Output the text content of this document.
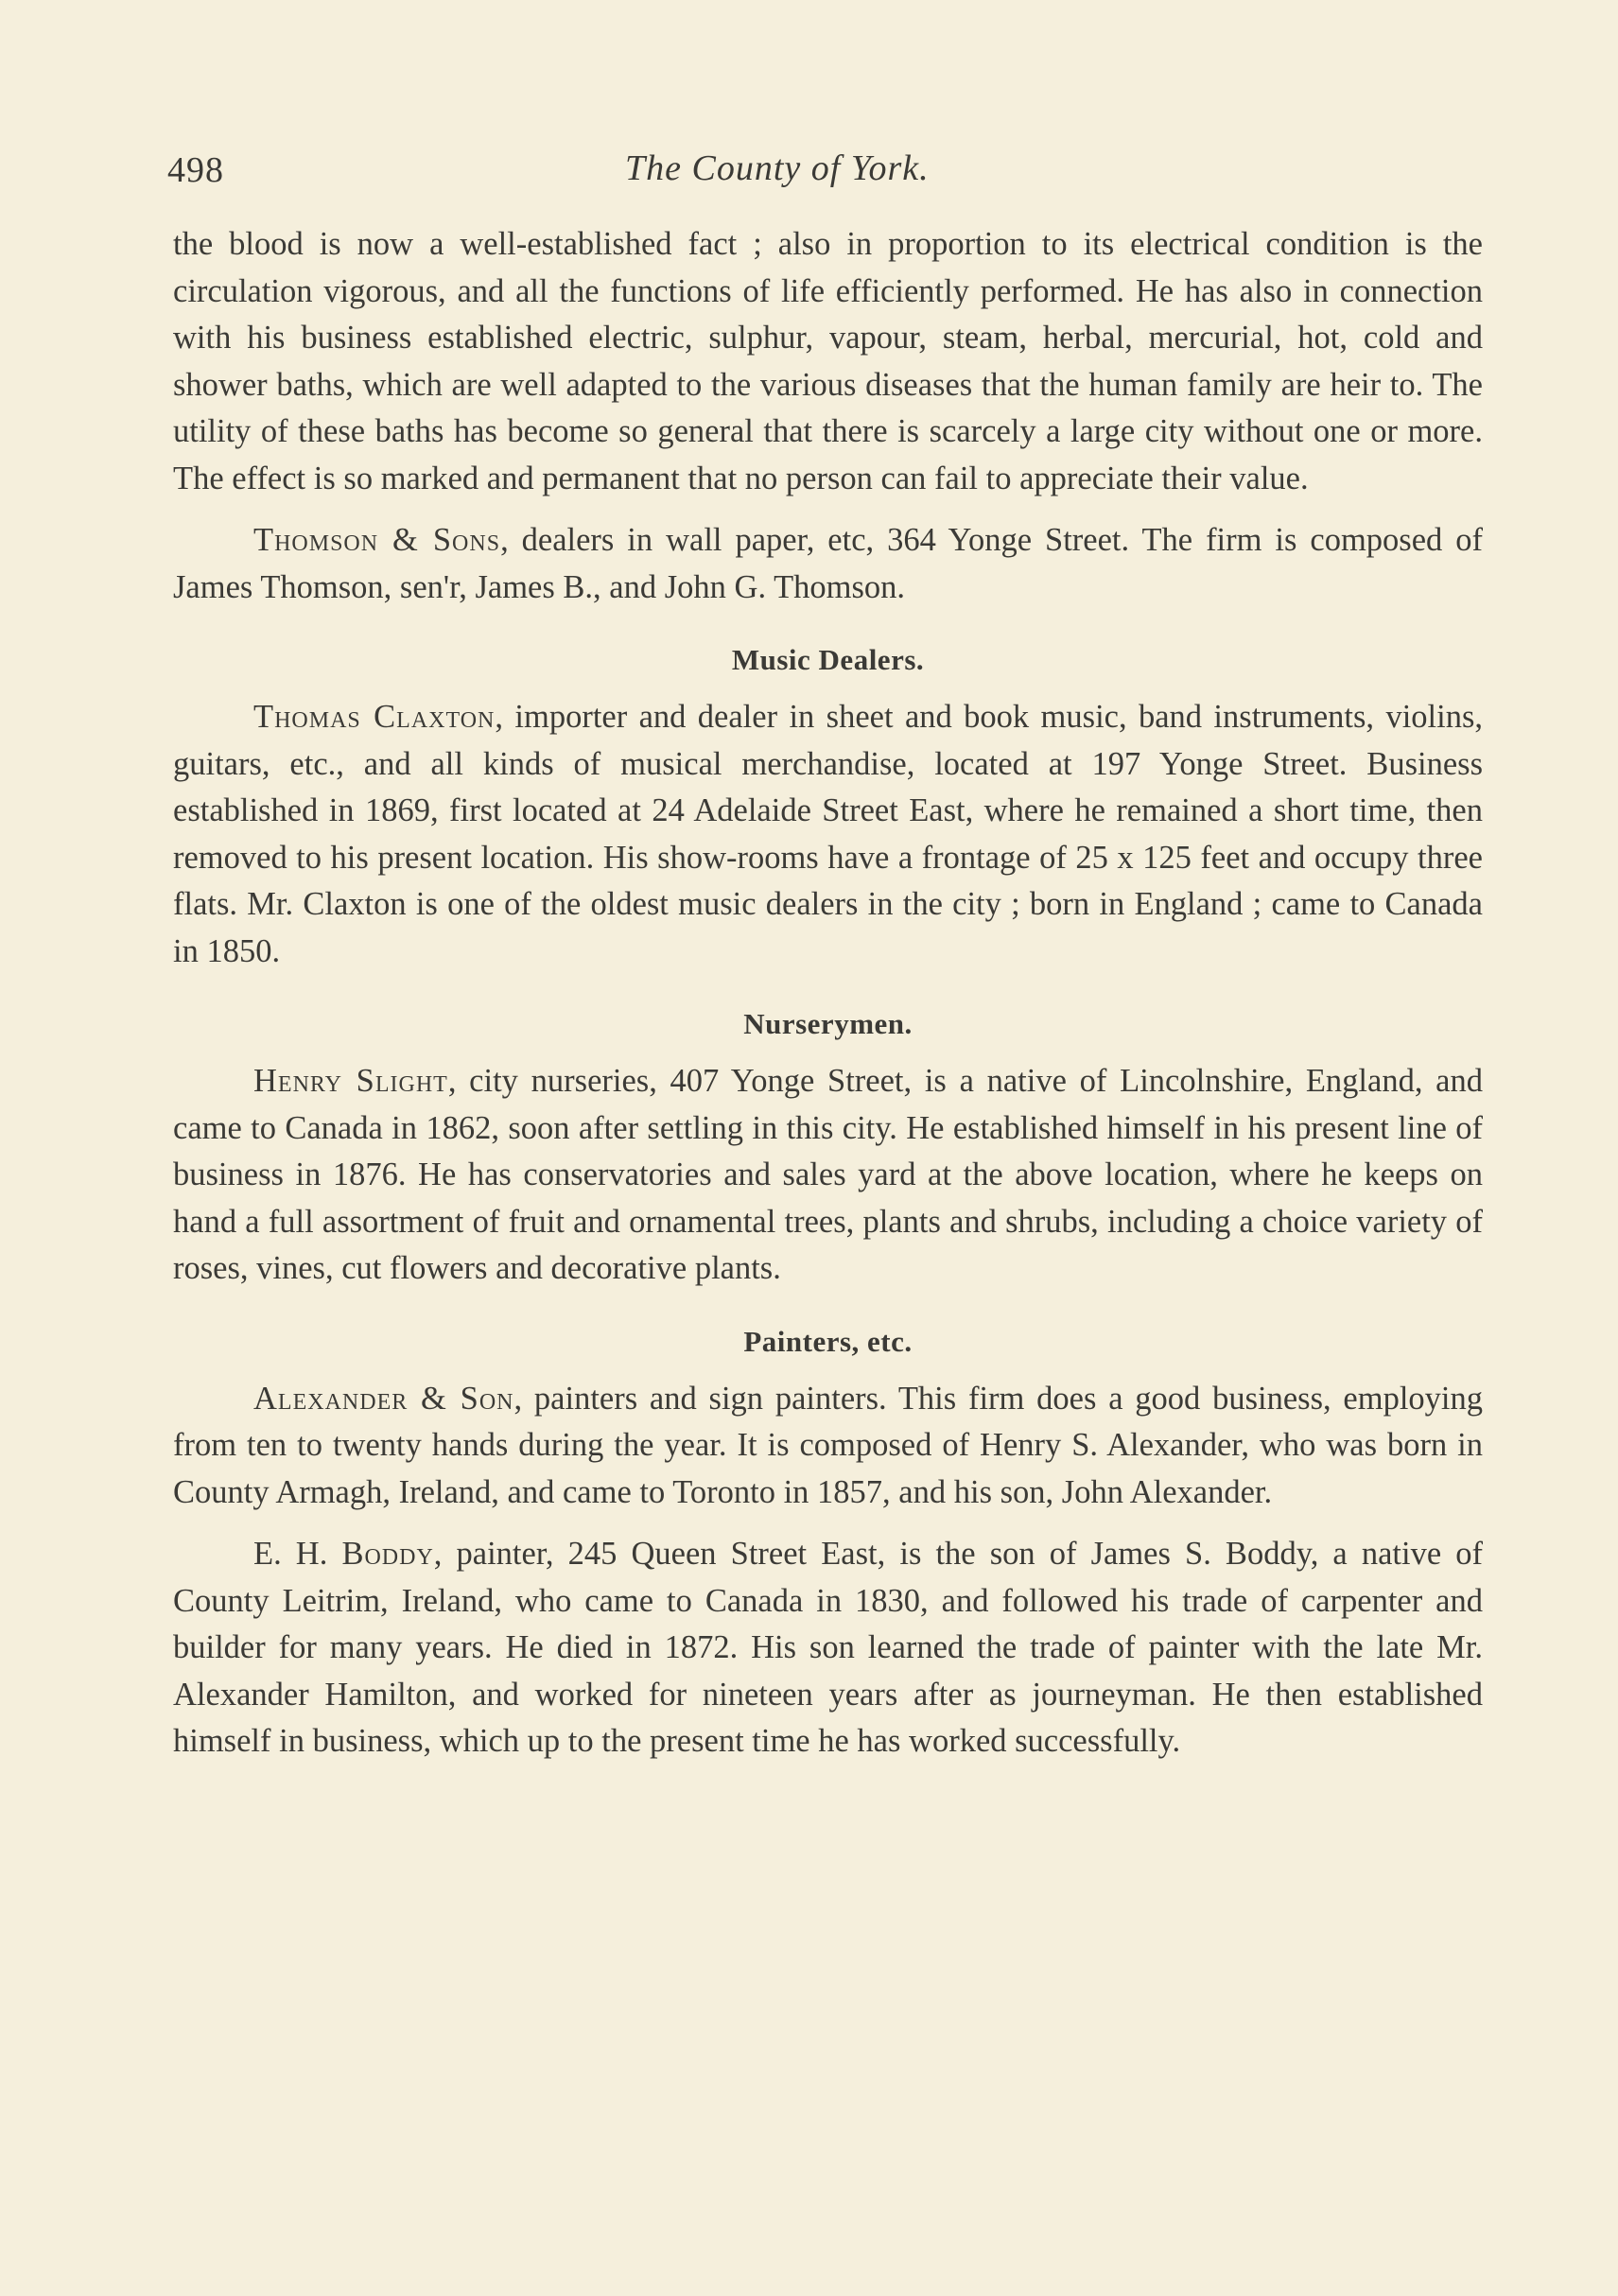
498	The County of York.

the blood is now a well-established fact ; also in proportion to its electrical condition is the circulation vigorous, and all the functions of life efficiently performed. He has also in connection with his business established electric, sulphur, vapour, steam, herbal, mercurial, hot, cold and shower baths, which are well adapted to the various diseases that the human family are heir to. The utility of these baths has become so general that there is scarcely a large city without one or more. The effect is so marked and permanent that no person can fail to appreciate their value.

Thomson & Sons, dealers in wall paper, etc, 364 Yonge Street. The firm is composed of James Thomson, sen'r, James B., and John G. Thomson.

Music Dealers.

Thomas Claxton, importer and dealer in sheet and book music, band instruments, violins, guitars, etc., and all kinds of musical merchandise, located at 197 Yonge Street. Business established in 1869, first located at 24 Adelaide Street East, where he remained a short time, then removed to his present location. His show-rooms have a frontage of 25 x 125 feet and occupy three flats. Mr. Claxton is one of the oldest music dealers in the city ; born in England ; came to Canada in 1850.

Nurserymen.

Henry Slight, city nurseries, 407 Yonge Street, is a native of Lincolnshire, England, and came to Canada in 1862, soon after settling in this city. He established himself in his present line of business in 1876. He has conservatories and sales yard at the above location, where he keeps on hand a full assortment of fruit and ornamental trees, plants and shrubs, including a choice variety of roses, vines, cut flowers and decorative plants.

Painters, etc.

Alexander & Son, painters and sign painters. This firm does a good business, employing from ten to twenty hands during the year. It is composed of Henry S. Alexander, who was born in County Armagh, Ireland, and came to Toronto in 1857, and his son, John Alexander.

E. H. Boddy, painter, 245 Queen Street East, is the son of James S. Boddy, a native of County Leitrim, Ireland, who came to Canada in 1830, and followed his trade of carpenter and builder for many years. He died in 1872. His son learned the trade of painter with the late Mr. Alexander Hamilton, and worked for nineteen years after as journeyman. He then established himself in business, which up to the present time he has worked successfully.
